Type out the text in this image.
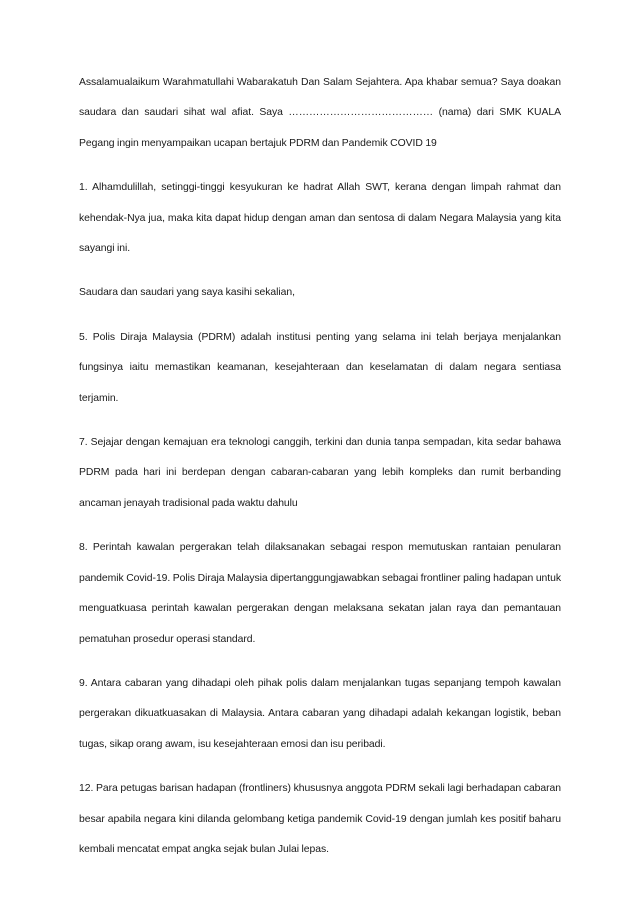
Assalamualaikum Warahmatullahi Wabarakatuh Dan Salam Sejahtera. Apa khabar semua? Saya doakan saudara dan saudari sihat wal afiat. Saya …………………………………… (nama) dari SMK KUALA Pegang ingin menyampaikan ucapan bertajuk PDRM dan Pandemik COVID 19

1. Alhamdulillah, setinggi-tinggi kesyukuran ke hadrat Allah SWT, kerana dengan limpah rahmat dan kehendak-Nya jua, maka kita dapat hidup dengan aman dan sentosa di dalam Negara Malaysia yang kita sayangi ini.

Saudara dan saudari yang saya kasihi sekalian,

5. Polis Diraja Malaysia (PDRM) adalah institusi penting yang selama ini telah berjaya menjalankan fungsinya iaitu memastikan keamanan, kesejahteraan dan keselamatan di dalam negara sentiasa terjamin.

7. Sejajar dengan kemajuan era teknologi canggih, terkini dan dunia tanpa sempadan, kita sedar bahawa PDRM pada hari ini berdepan dengan cabaran-cabaran yang lebih kompleks dan rumit berbanding ancaman jenayah tradisional pada waktu dahulu

8. Perintah kawalan pergerakan telah dilaksanakan sebagai respon memutuskan rantaian penularan pandemik Covid-19. Polis Diraja Malaysia dipertanggungjawabkan sebagai frontliner paling hadapan untuk menguatkuasa perintah kawalan pergerakan dengan melaksana sekatan jalan raya dan pemantauan pematuhan prosedur operasi standard.

9. Antara cabaran yang dihadapi oleh pihak polis dalam menjalankan tugas sepanjang tempoh kawalan pergerakan dikuatkuasakan di Malaysia. Antara cabaran yang dihadapi adalah kekangan logistik, beban tugas, sikap orang awam, isu kesejahteraan emosi dan isu peribadi.

12. Para petugas barisan hadapan (frontliners) khususnya anggota PDRM sekali lagi berhadapan cabaran besar apabila negara kini dilanda gelombang ketiga pandemik Covid-19 dengan jumlah kes positif baharu kembali mencatat empat angka sejak bulan Julai lepas.
